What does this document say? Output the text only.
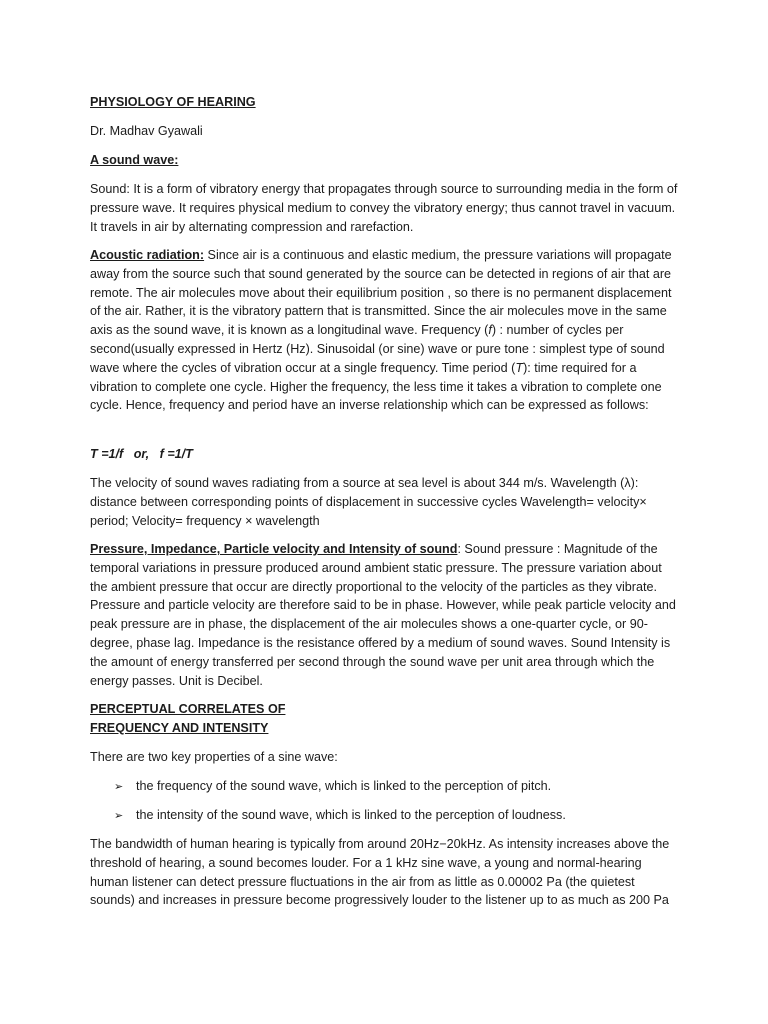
PHYSIOLOGY OF HEARING

Dr. Madhav Gyawali

A sound wave:

Sound: It is a form of vibratory energy that propagates through source to surrounding media in the form of pressure wave. It requires physical medium to convey the vibratory energy; thus cannot travel in vacuum. It travels in air by alternating compression and rarefaction.

Acoustic radiation: Since air is a continuous and elastic medium, the pressure variations will propagate away from the source such that sound generated by the source can be detected in regions of air that are remote. The air molecules move about their equilibrium position , so there is no permanent displacement of the air. Rather, it is the vibratory pattern that is transmitted. Since the air molecules move in the same axis as the sound wave, it is known as a longitudinal wave. Frequency (f) : number of cycles per second(usually expressed in Hertz (Hz). Sinusoidal (or sine) wave or pure tone : simplest type of sound wave where the cycles of vibration occur at a single frequency. Time period (T): time required for a vibration to complete one cycle. Higher the frequency, the less time it takes a vibration to complete one cycle. Hence, frequency and period have an inverse relationship which can be expressed as follows:

T =1/f   or,   f =1/T

The velocity of sound waves radiating from a source at sea level is about 344 m/s. Wavelength (λ): distance between corresponding points of displacement in successive cycles Wavelength= velocity× period; Velocity= frequency × wavelength

Pressure, Impedance, Particle velocity and Intensity of sound: Sound pressure : Magnitude of the temporal variations in pressure produced around ambient static pressure. The pressure variation about the ambient pressure that occur are directly proportional to the velocity of the particles as they vibrate. Pressure and particle velocity are therefore said to be in phase. However, while peak particle velocity and peak pressure are in phase, the displacement of the air molecules shows a one-quarter cycle, or 90-degree, phase lag. Impedance is the resistance offered by a medium of sound waves. Sound Intensity is the amount of energy transferred per second through the sound wave per unit area through which the energy passes. Unit is Decibel.

PERCEPTUAL CORRELATES OF
FREQUENCY AND INTENSITY

There are two key properties of a sine wave:

➢ the frequency of the sound wave, which is linked to the perception of pitch.

➢ the intensity of the sound wave, which is linked to the perception of loudness.

The bandwidth of human hearing is typically from around 20Hz−20kHz. As intensity increases above the threshold of hearing, a sound becomes louder. For a 1 kHz sine wave, a young and normal-hearing human listener can detect pressure fluctuations in the air from as little as 0.00002 Pa (the quietest sounds) and increases in pressure become progressively louder to the listener up to as much as 200 Pa
